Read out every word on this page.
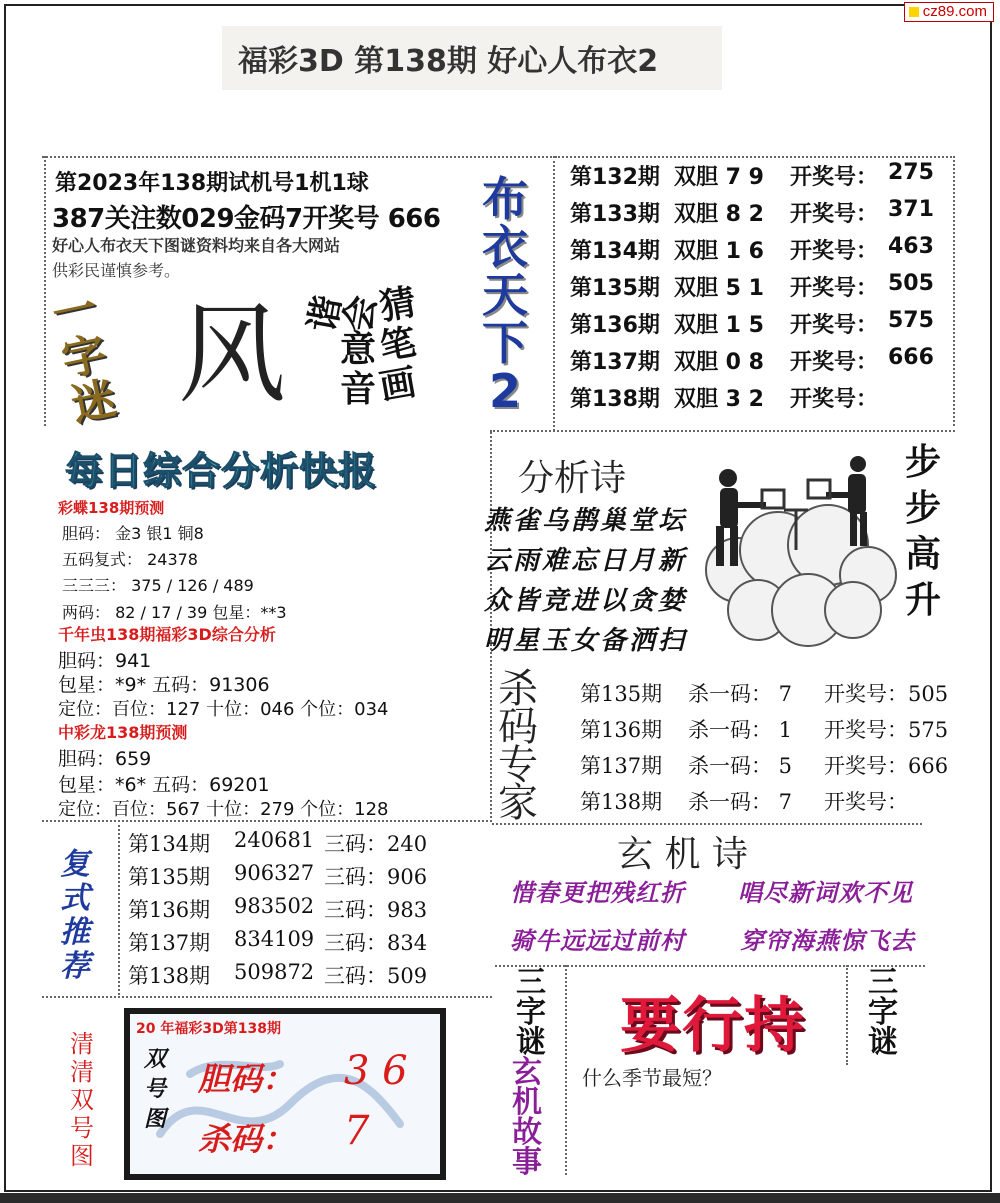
cz89.com
福彩3D 第138期 好心人布衣2
第2023年138期试机号1机1球
387关注数029金码7开奖号 666
好心人布衣天下图谜资料均来自各大网站
供彩民谨慎参考。
布
衣
天
下
2
一
字
迷 风	猜
笔
画
会
意
音
谐
第132期 双胆 7 9 开奖号： 275
第133期 双胆 8 2 开奖号： 371
第134期 双胆 1 6 开奖号： 463
第135期 双胆 5 1 开奖号： 505
第136期 双胆 1 5 开奖号： 575
第137期 双胆 0 8 开奖号： 666
第138期 双胆 3 2 开奖号：
每日综合分析快报
彩蝶138期预测
胆码： 金3 银1 铜8
五码复式： 24378
三三三： 375 / 126 / 489
两码： 82 / 17 / 39 包星：**3
千年虫138期福彩3D综合分析
胆码：941
包星：*9* 五码：91306
定位：百位：127 十位：046 个位：034
中彩龙138期预测
胆码：659
包星：*6* 五码：69201
定位：百位：567 十位：279 个位：128
分析诗
燕雀乌鹊巢堂坛
云雨难忘日月新
众皆竞进以贪婪
明星玉女备洒扫
步
步
高
升
杀
码
专
家
第135期 杀一码： 7 开奖号：505
第136期 杀一码： 1 开奖号：575
第137期 杀一码： 5 开奖号：666
第138期 杀一码： 7 开奖号：
复
式
推
荐
第134期 240681 三码：240
第135期 906327 三码：906
第136期 983502 三码：983
第137期 834109 三码：834
第138期 509872 三码：509
玄 机 诗
惜春更把残红折 唱尽新词欢不见
骑牛远远过前村 穿帘海燕惊飞去
清
清
双
号
图
20 年福彩3D第138期
双
号
图
胆码： 3 6
杀码： 7
三
字
谜
三
字
谜
玄
机
故
事
要行持
什么季节最短？
